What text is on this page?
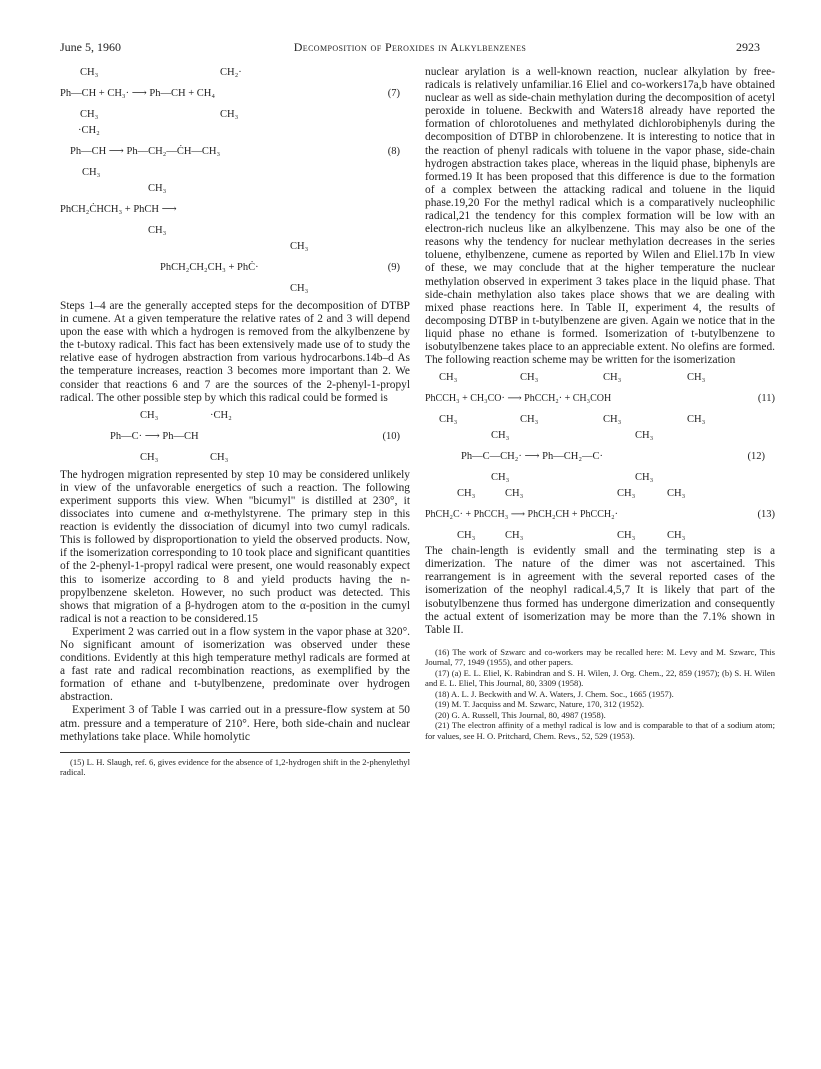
June 5, 1960	Decomposition of Peroxides in Alkylbenzenes	2923
CH₃	CH₂·
Ph—CH + CH₃· ⟶ Ph—CH + CH₄
CH₃	CH₃
(7)
·CH₂
Ph—CH ⟶ Ph—CH₂—ĊH—CH₃
CH₃
(8)
CH₃
PhCH₂ĊHCH₃ + PhCH ⟶
CH₃
CH₃
PhCH₂CH₂CH₃ + PhĊ·
CH₃
(9)

Steps 1–4 are the generally accepted steps for the decomposition of DTBP in cumene. At a given temperature the relative rates of 2 and 3 will depend upon the ease with which a hydrogen is removed from the alkylbenzene by the t-butoxy radical. This fact has been extensively made use of to study the relative ease of hydrogen abstraction from various hydrocarbons.14b–d As the temperature increases, reaction 3 becomes more important than 2. We consider that reactions 6 and 7 are the sources of the 2-phenyl-1-propyl radical. The other possible step by which this radical could be formed is

CH₃	·CH₂
Ph—C· ⟶ Ph—CH
CH₃	CH₃
(10)

The hydrogen migration represented by step 10 may be considered unlikely in view of the unfavorable energetics of such a reaction. The following experiment supports this view. When "bicumyl" is distilled at 230°, it dissociates into cumene and α-methylstyrene. The primary step in this reaction is evidently the dissociation of dicumyl into two cumyl radicals. This is followed by disproportionation to yield the observed products. Now, if the isomerization corresponding to 10 took place and significant quantities of the 2-phenyl-1-propyl radical were present, one would reasonably expect this to isomerize according to 8 and yield products having the n-propylbenzene skeleton. However, no such product was detected. This shows that migration of a β-hydrogen atom to the α-position in the cumyl radical is not a reaction to be considered.15

Experiment 2 was carried out in a flow system in the vapor phase at 320°. No significant amount of isomerization was observed under these conditions. Evidently at this high temperature methyl radicals are formed at a fast rate and radical recombination reactions, as exemplified by the formation of ethane and t-butylbenzene, predominate over hydrogen abstraction.

Experiment 3 of Table I was carried out in a pressure-flow system at 50 atm. pressure and a temperature of 210°. Here, both side-chain and nuclear methylations take place. While homolytic

(15) L. H. Slaugh, ref. 6, gives evidence for the absence of 1,2-hydrogen shift in the 2-phenylethyl radical.

nuclear arylation is a well-known reaction, nuclear alkylation by free-radicals is relatively unfamiliar.16 Eliel and co-workers17a,b have obtained nuclear as well as side-chain methylation during the decomposition of acetyl peroxide in toluene. Beckwith and Waters18 already have reported the formation of chlorotoluenes and methylated dichlorobiphenyls during the decomposition of DTBP in chlorobenzene. It is interesting to notice that in the reaction of phenyl radicals with toluene in the vapor phase, side-chain hydrogen abstraction takes place, whereas in the liquid phase, biphenyls are formed.19 It has been proposed that this difference is due to the formation of a complex between the attacking radical and toluene in the liquid phase.19,20 For the methyl radical which is a comparatively nucleophilic radical,21 the tendency for this complex formation will be low with an electron-rich nucleus like an alkylbenzene. This may also be one of the reasons why the tendency for nuclear methylation decreases in the series toluene, ethylbenzene, cumene as reported by Wilen and Eliel.17b In view of these, we may conclude that at the higher temperature the nuclear methylation observed in experiment 3 takes place in the liquid phase. That side-chain methylation also takes place shows that we are dealing with mixed phase reactions here. In Table II, experiment 4, the results of decomposing DTBP in t-butylbenzene are given. Again we notice that in the liquid phase no ethane is formed. Isomerization of t-butylbenzene to isobutylbenzene takes place to an appreciable extent. No olefins are formed. The following reaction scheme may be written for the isomerization

CH₃	CH₃	CH₃	CH₃
PhCCH₃ + CH₃CO· ⟶ PhCCH₂· + CH₃COH
CH₃	CH₃	CH₃	CH₃
(11)
CH₃	CH₃
Ph—C—CH₂· ⟶ Ph—CH₂—C·
CH₃	CH₃
(12)
CH₃	CH₃	CH₃	CH₃
PhCH₂C· + PhCCH₃ ⟶ PhCH₂CH + PhCCH₂·
CH₃	CH₃	CH₃	CH₃
(13)

The chain-length is evidently small and the terminating step is a dimerization. The nature of the dimer was not ascertained. This rearrangement is in agreement with the several reported cases of the isomerization of the neophyl radical.4,5,7 It is likely that part of the isobutylbenzene thus formed has undergone dimerization and consequently the actual extent of isomerization may be more than the 7.1% shown in Table II.

(16) The work of Szwarc and co-workers may be recalled here: M. Levy and M. Szwarc, This Journal, 77, 1949 (1955), and other papers.
(17) (a) E. L. Eliel, K. Rabindran and S. H. Wilen, J. Org. Chem., 22, 859 (1957); (b) S. H. Wilen and E. L. Eliel, This Journal, 80, 3309 (1958).
(18) A. L. J. Beckwith and W. A. Waters, J. Chem. Soc., 1665 (1957).
(19) M. T. Jacquiss and M. Szwarc, Nature, 170, 312 (1952).
(20) G. A. Russell, This Journal, 80, 4987 (1958).
(21) The electron affinity of a methyl radical is low and is comparable to that of a sodium atom; for values, see H. O. Pritchard, Chem. Revs., 52, 529 (1953).
